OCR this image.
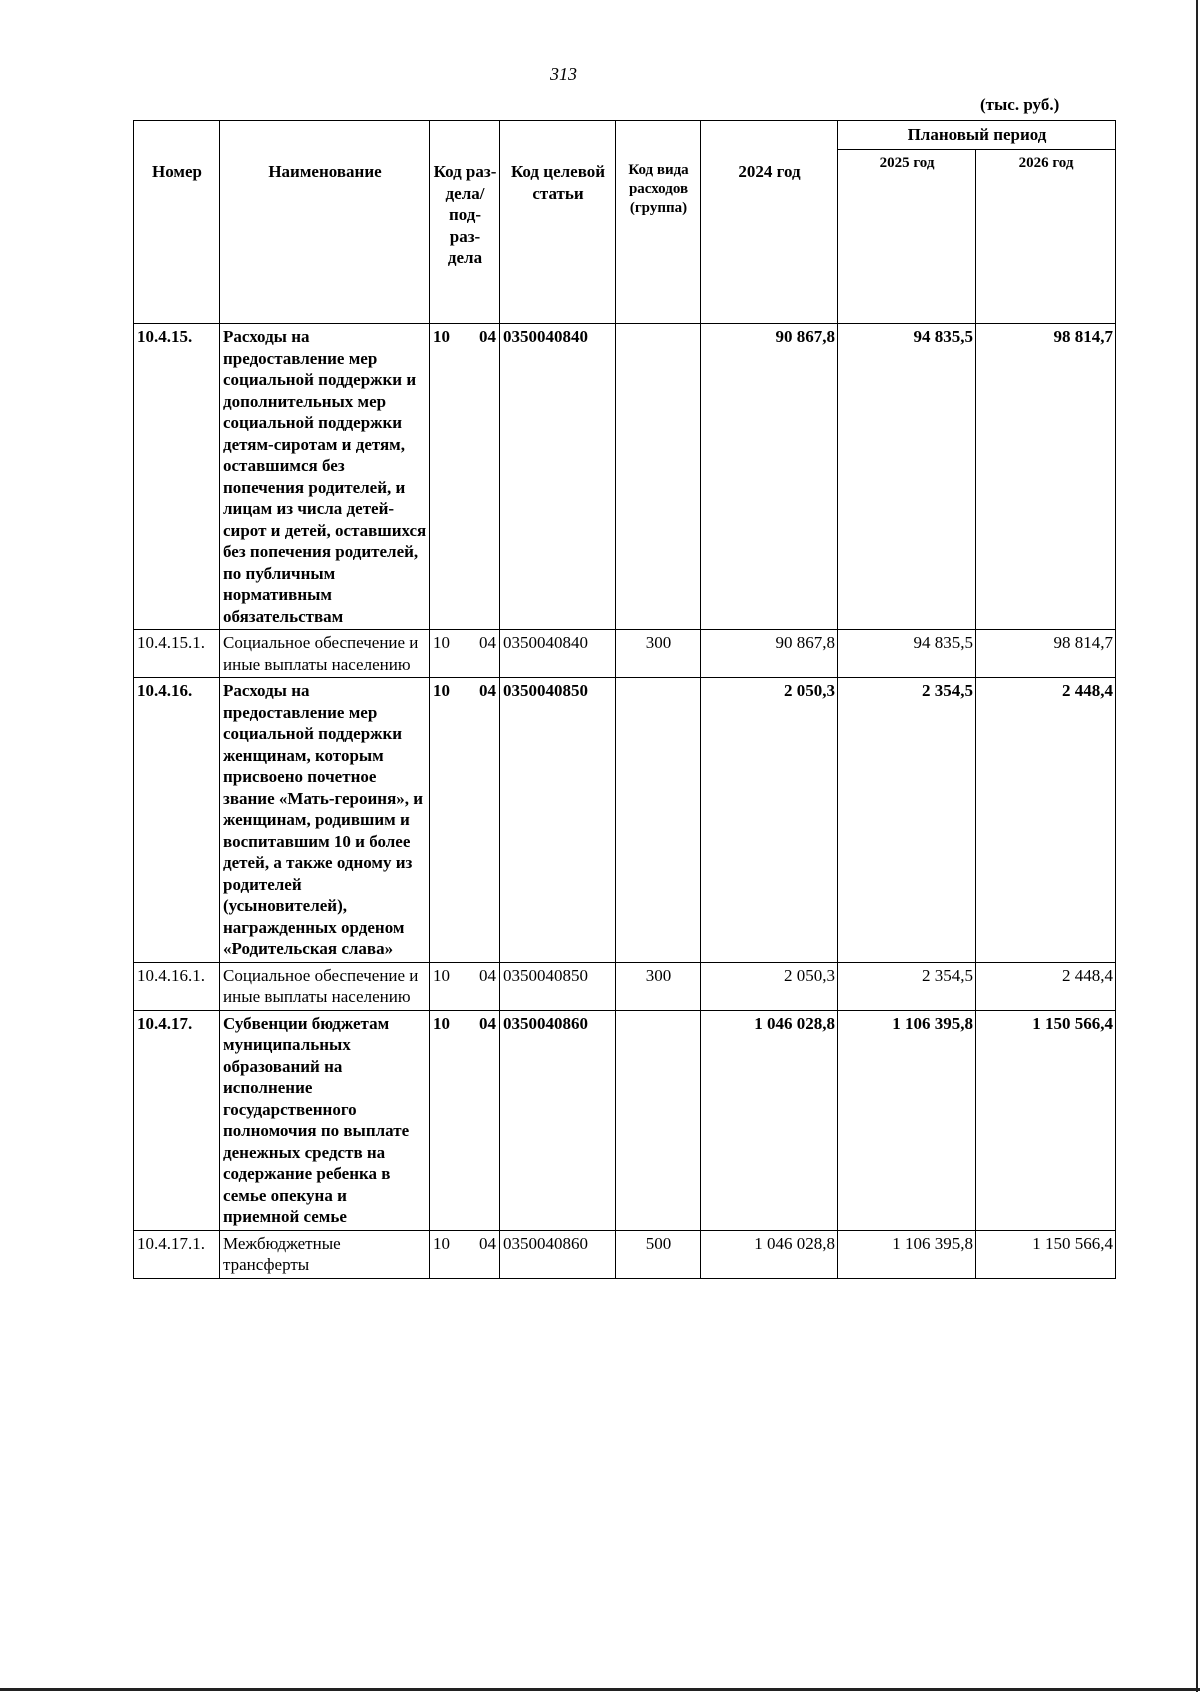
313
(тыс. руб.)
Номер	Наименование	Код раз- дела/ под- раз- дела	Код целевой статьи	Код вида расходов (группа)	2024 год	Плановый период	
						2025 год	2026 год
10.4.15.	Расходы на предоставление мер социальной поддержки и дополнительных мер социальной поддержки детям-сиротам и детям, оставшимся без попечения родителей, и лицам из числа детей-сирот и детей, оставшихся без попечения родителей, по публичным нормативным обязательствам	10 04	0350040840		90 867,8	94 835,5	98 814,7
10.4.15.1.	Социальное обеспечение и иные выплаты населению	10 04	0350040840	300	90 867,8	94 835,5	98 814,7
10.4.16.	Расходы на предоставление мер социальной поддержки женщинам, которым присвоено почетное звание «Мать-героиня», и женщинам, родившим и воспитавшим 10 и более детей, а также одному из родителей (усыновителей), награжденных орденом «Родительская слава»	10 04	0350040850		2 050,3	2 354,5	2 448,4
10.4.16.1.	Социальное обеспечение и иные выплаты населению	10 04	0350040850	300	2 050,3	2 354,5	2 448,4
10.4.17.	Субвенции бюджетам муниципальных образований на исполнение государственного полномочия по выплате денежных средств на содержание ребенка в семье опекуна и приемной семье	10 04	0350040860		1 046 028,8	1 106 395,8	1 150 566,4
10.4.17.1.	Межбюджетные трансферты	10 04	0350040860	500	1 046 028,8	1 106 395,8	1 150 566,4
